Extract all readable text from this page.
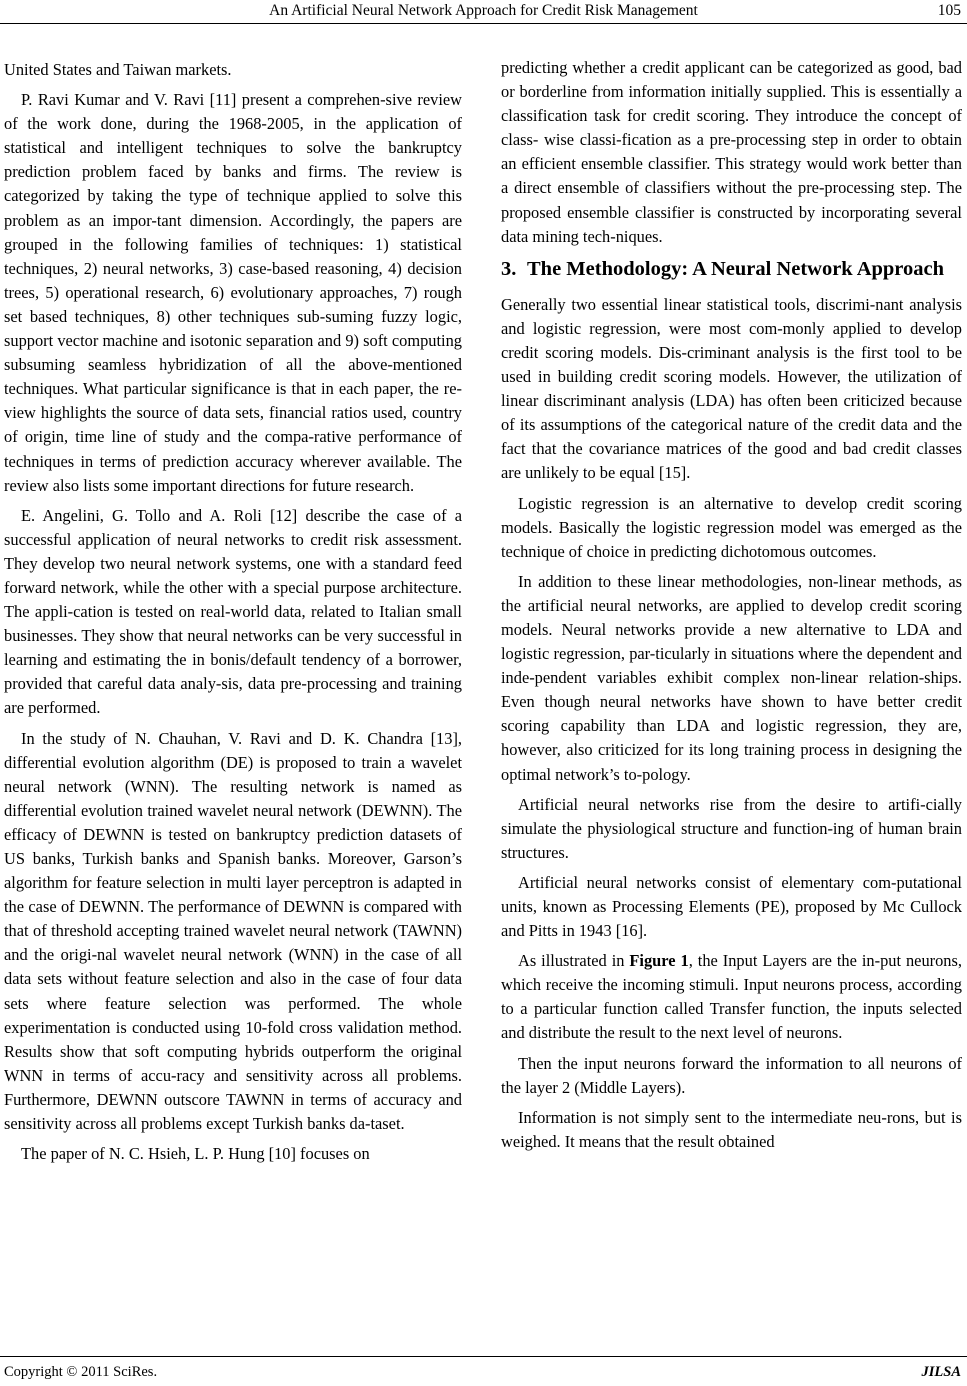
An Artificial Neural Network Approach for Credit Risk Management	105

United States and Taiwan markets.

P. Ravi Kumar and V. Ravi [11] present a comprehen-sive review of the work done, during the 1968-2005, in the application of statistical and intelligent techniques to solve the bankruptcy prediction problem faced by banks and firms. The review is categorized by taking the type of technique applied to solve this problem as an impor-tant dimension. Accordingly, the papers are grouped in the following families of techniques: 1) statistical techniques, 2) neural networks, 3) case-based reasoning, 4) decision trees, 5) operational research, 6) evolutionary approaches, 7) rough set based techniques, 8) other techniques sub-suming fuzzy logic, support vector machine and isotonic separation and 9) soft computing subsuming seamless hybridization of all the above-mentioned techniques. What particular significance is that in each paper, the re-view highlights the source of data sets, financial ratios used, country of origin, time line of study and the compa-rative performance of techniques in terms of prediction accuracy wherever available. The review also lists some important directions for future research.

E. Angelini, G. Tollo and A. Roli [12] describe the case of a successful application of neural networks to credit risk assessment. They develop two neural network systems, one with a standard feed forward network, while the other with a special purpose architecture. The appli-cation is tested on real-world data, related to Italian small businesses. They show that neural networks can be very successful in learning and estimating the in bonis/default tendency of a borrower, provided that careful data analy-sis, data pre-processing and training are performed.

In the study of N. Chauhan, V. Ravi and D. K. Chandra [13], differential evolution algorithm (DE) is proposed to train a wavelet neural network (WNN). The resulting network is named as differential evolution trained wavelet neural network (DEWNN). The efficacy of DEWNN is tested on bankruptcy prediction datasets of US banks, Turkish banks and Spanish banks. Moreover, Garson’s algorithm for feature selection in multi layer perceptron is adapted in the case of DEWNN. The performance of DEWNN is compared with that of threshold accepting trained wavelet neural network (TAWNN) and the origi-nal wavelet neural network (WNN) in the case of all data sets without feature selection and also in the case of four data sets where feature selection was performed. The whole experimentation is conducted using 10-fold cross validation method. Results show that soft computing hybrids outperform the original WNN in terms of accu-racy and sensitivity across all problems. Furthermore, DEWNN outscore TAWNN in terms of accuracy and sensitivity across all problems except Turkish banks da-taset.

The paper of N. C. Hsieh, L. P. Hung [10] focuses on

predicting whether a credit applicant can be categorized as good, bad or borderline from information initially supplied. This is essentially a classification task for credit scoring. They introduce the concept of class- wise classi-fication as a pre-processing step in order to obtain an efficient ensemble classifier. This strategy would work better than a direct ensemble of classifiers without the pre-processing step. The proposed ensemble classifier is constructed by incorporating several data mining tech-niques.

3. The Methodology: A Neural Network Approach

Generally two essential linear statistical tools, discrimi-nant analysis and logistic regression, were most com-monly applied to develop credit scoring models. Dis-criminant analysis is the first tool to be used in building credit scoring models. However, the utilization of linear discriminant analysis (LDA) has often been criticized because of its assumptions of the categorical nature of the credit data and the fact that the covariance matrices of the good and bad credit classes are unlikely to be equal [15].

Logistic regression is an alternative to develop credit scoring models. Basically the logistic regression model was emerged as the technique of choice in predicting dichotomous outcomes.

In addition to these linear methodologies, non-linear methods, as the artificial neural networks, are applied to develop credit scoring models. Neural networks provide a new alternative to LDA and logistic regression, par-ticularly in situations where the dependent and inde-pendent variables exhibit complex non-linear relation-ships. Even though neural networks have shown to have better credit scoring capability than LDA and logistic regression, they are, however, also criticized for its long training process in designing the optimal network’s to-pology.

Artificial neural networks rise from the desire to artifi-cially simulate the physiological structure and function-ing of human brain structures.

Artificial neural networks consist of elementary com-putational units, known as Processing Elements (PE), proposed by Mc Cullock and Pitts in 1943 [16].

As illustrated in Figure 1, the Input Layers are the in-put neurons, which receive the incoming stimuli. Input neurons process, according to a particular function called Transfer function, the inputs selected and distribute the result to the next level of neurons.

Then the input neurons forward the information to all neurons of the layer 2 (Middle Layers).

Information is not simply sent to the intermediate neu-rons, but is weighed. It means that the result obtained

Copyright © 2011 SciRes.	JILSA
